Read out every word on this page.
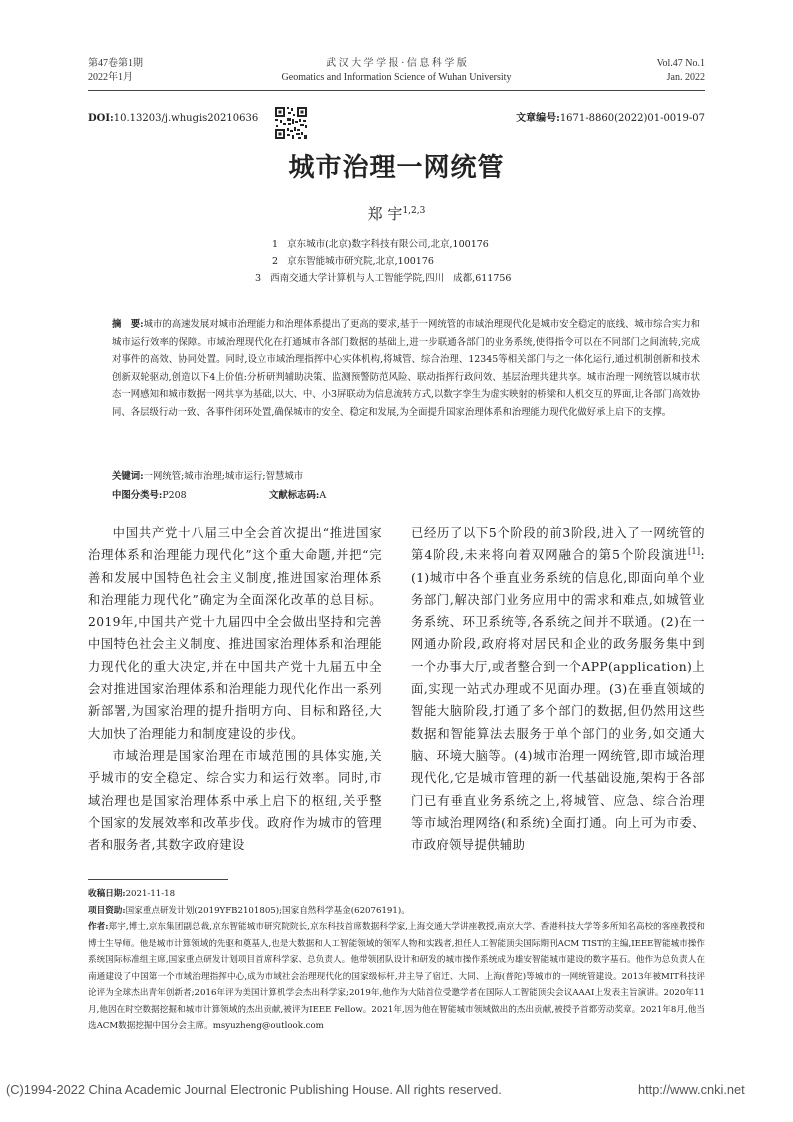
第47卷第1期
2022年1月
武 汉 大 学 学 报 · 信 息 科 学 版
Geomatics and Information Science of Wuhan University
Vol.47 No.1
Jan. 2022
DOI:10.13203/j.whugis20210636	文章编号:1671-8860(2022)01-0019-07
城市治理一网统管
郑 宇$^{1,2,3}$
1   京东城市(北京)数字科技有限公司,北京,100176
2   京东智能城市研究院,北京,100176
3   西南交通大学计算机与人工智能学院,四川   成都,611756
摘　要:城市的高速发展对城市治理能力和治理体系提出了更高的要求,基于一网统管的市域治理现代化是城市安全稳定的底线、城市综合实力和城市运行效率的保障。市域治理现代化在打通城市各部门数据的基础上,进一步联通各部门的业务系统,使得指令可以在不同部门之间流转,完成对事件的高效、协同处置。同时,设立市域治理指挥中心实体机构,将城管、综合治理、12345等相关部门与之一体化运行,通过机制创新和技术创新双轮驱动,创造以下4上价值:分析研判辅助决策、监测预警防范风险、联动指挥行政问效、基层治理共建共享。城市治理一网统管以城市状态一网感知和城市数据一网共享为基础,以大、中、小3屏联动为信息流转方式,以数字孪生为虚实映射的桥梁和人机交互的界面,让各部门高效协同、各层级行动一致、各事件闭环处置,确保城市的安全、稳定和发展,为全面提升国家治理体系和治理能力现代化做好承上启下的支撑。
关键词:一网统管;城市治理;城市运行;智慧城市
中图分类号:P208	文献标志码:A

中国共产党十八届三中全会首次提出“推进国家治理体系和治理能力现代化”这个重大命题,并把“完善和发展中国特色社会主义制度,推进国家治理体系和治理能力现代化”确定为全面深化改革的总目标。2019年,中国共产党十九届四中全会做出坚持和完善中国特色社会主义制度、推进国家治理体系和治理能力现代化的重大决定,并在中国共产党十九届五中全会对推进国家治理体系和治理能力现代化作出一系列新部署,为国家治理的提升指明方向、目标和路径,大大加快了治理能力和制度建设的步伐。

市域治理是国家治理在市域范围的具体实施,关乎城市的安全稳定、综合实力和运行效率。同时,市域治理也是国家治理体系中承上启下的枢纽,关乎整个国家的发展效率和改革步伐。政府作为城市的管理者和服务者,其数字政府建设

已经历了以下5个阶段的前3阶段,进入了一网统管的第4阶段,未来将向着双网融合的第5个阶段演进[1]:(1)城市中各个垂直业务系统的信息化,即面向单个业务部门,解决部门业务应用中的需求和难点,如城管业务系统、环卫系统等,各系统之间并不联通。(2)在一网通办阶段,政府将对居民和企业的政务服务集中到一个办事大厅,或者整合到一个APP(application)上面,实现一站式办理或不见面办理。(3)在垂直领域的智能大脑阶段,打通了多个部门的数据,但仍然用这些数据和智能算法去服务于单个部门的业务,如交通大脑、环境大脑等。(4)城市治理一网统管,即市域治理现代化,它是城市管理的新一代基础设施,架构于各部门已有垂直业务系统之上,将城管、应急、综合治理等市域治理网络(和系统)全面打通。向上可为市委、市政府领导提供辅助

收稿日期:2021-11-18
项目资助:国家重点研发计划(2019YFB2101805);国家自然科学基金(62076191)。
作者:郑宇,博士,京东集团副总裁,京东智能城市研究院院长,京东科技首席数据科学家,上海交通大学讲座教授,南京大学、香港科技大学等多所知名高校的客座教授和博士生导师。他是城市计算领域的先驱和奠基人,也是大数据和人工智能领域的领军人物和实践者,担任人工智能顶尖国际期刊ACM TIST的主编,IEEE智能城市操作系统国际标准组主席,国家重点研发计划项目首席科学家、总负责人。他带领团队设计和研发的城市操作系统成为雄安智能城市建设的数字基石。他作为总负责人在南通建设了中国第一个市域治理指挥中心,成为市域社会治理现代化的国家级标杆,并主导了宿迁、大同、上海(普陀)等城市的一网统管建设。2013年被MIT科技评论评为全球杰出青年创新者;2016年评为美国计算机学会杰出科学家;2019年,他作为大陆首位受邀学者在国际人工智能顶尖会议AAAI上发表主旨演讲。2020年11月,他因在时空数据挖掘和城市计算领域的杰出贡献,被评为IEEE Fellow。2021年,因为他在智能城市领域做出的杰出贡献,被授予首都劳动奖章。2021年8月,他当选ACM数据挖掘中国分会主席。msyuzheng@outlook.com
(C)1994-2022 China Academic Journal Electronic Publishing House. All rights reserved.	http://www.cnki.net
